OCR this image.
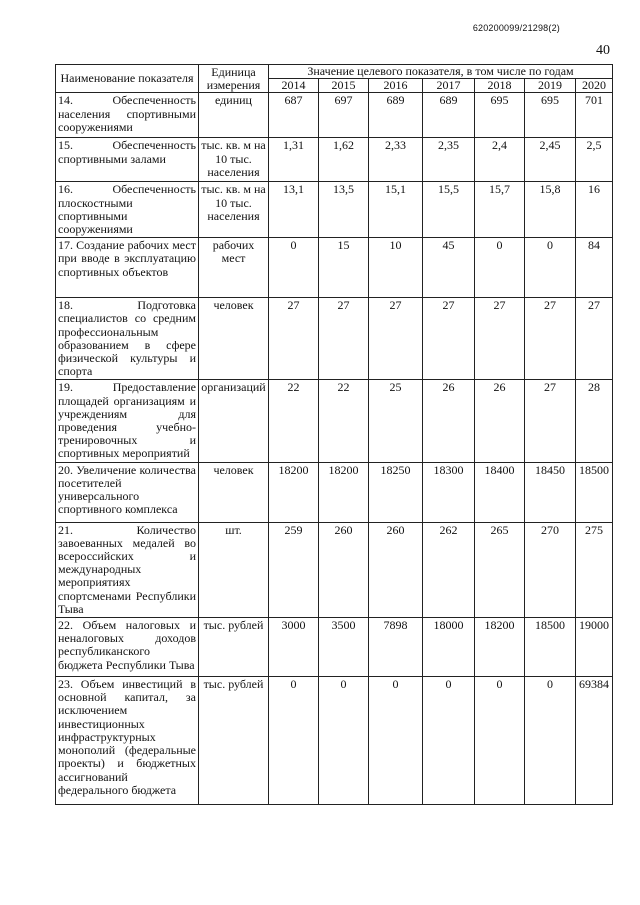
620200099/21298(2)
40
Наименование показателя	Единица измерения	Значение целевого показателя, в том числе по годам						
		2014	2015	2016	2017	2018	2019	2020
14. Обеспеченность населения спортивными сооружениями	единиц	687	697	689	689	695	695	701
15. Обеспеченность спортивными залами	тыс. кв. м на 10 тыс. населения	1,31	1,62	2,33	2,35	2,4	2,45	2,5
16. Обеспеченность плоскостными спортивными сооружениями	тыс. кв. м на 10 тыс. населения	13,1	13,5	15,1	15,5	15,7	15,8	16
17. Создание рабочих мест при вводе в эксплуатацию спортивных объектов	рабочих мест	0	15	10	45	0	0	84
18. Подготовка специалистов со средним профессиональным образованием в сфере физической культуры и спорта	человек	27	27	27	27	27	27	27
19. Предоставление площадей организациям и учреждениям для проведения учебно-тренировочных и спортивных мероприятий	организаций	22	22	25	26	26	27	28
20. Увеличение количества посетителей универсального спортивного комплекса	человек	18200	18200	18250	18300	18400	18450	18500
21. Количество завоеванных медалей во всероссийских и международных мероприятиях спортсменами Республики Тыва	шт.	259	260	260	262	265	270	275
22. Объем налоговых и неналоговых доходов республиканского бюджета Республики Тыва	тыс. рублей	3000	3500	7898	18000	18200	18500	19000
23. Объем инвестиций в основной капитал, за исключением инвестиционных инфраструктурных монополий (федеральные проекты) и бюджетных ассигнований федерального бюджета	тыс. рублей	0	0	0	0	0	0	69384
